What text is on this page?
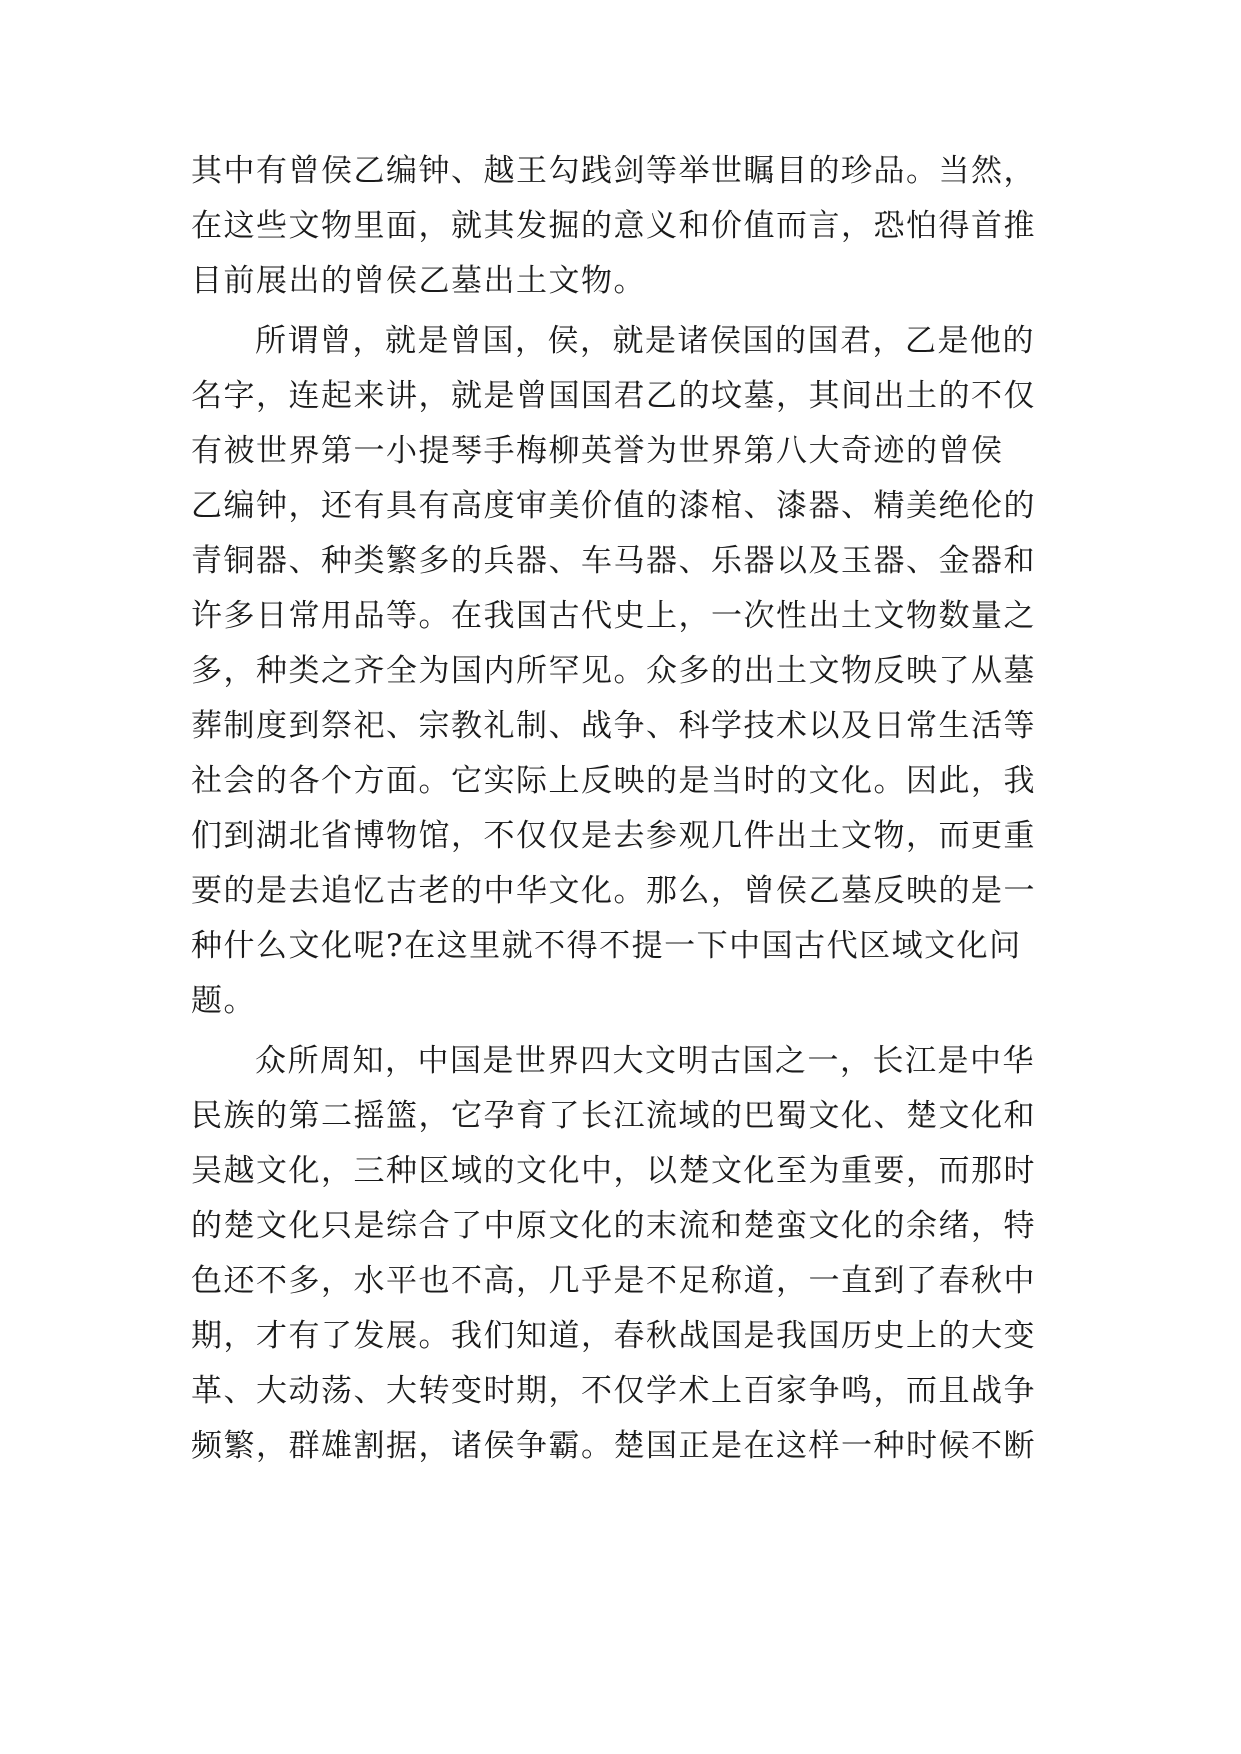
其中有曾侯乙编钟、越王勾践剑等举世瞩目的珍品。当然，
在这些文物里面，就其发掘的意义和价值而言，恐怕得首推
目前展出的曾侯乙墓出土文物。
所谓曾，就是曾国，侯，就是诸侯国的国君，乙是他的
名字，连起来讲，就是曾国国君乙的坟墓，其间出土的不仅
有被世界第一小提琴手梅柳英誉为世界第八大奇迹的曾侯
乙编钟，还有具有高度审美价值的漆棺、漆器、精美绝伦的
青铜器、种类繁多的兵器、车马器、乐器以及玉器、金器和
许多日常用品等。在我国古代史上，一次性出土文物数量之
多，种类之齐全为国内所罕见。众多的出土文物反映了从墓
葬制度到祭祀、宗教礼制、战争、科学技术以及日常生活等
社会的各个方面。它实际上反映的是当时的文化。因此，我
们到湖北省博物馆，不仅仅是去参观几件出土文物，而更重
要的是去追忆古老的中华文化。那么，曾侯乙墓反映的是一
种什么文化呢?在这里就不得不提一下中国古代区域文化问
题。
众所周知，中国是世界四大文明古国之一，长江是中华
民族的第二摇篮，它孕育了长江流域的巴蜀文化、楚文化和
吴越文化，三种区域的文化中，以楚文化至为重要，而那时
的楚文化只是综合了中原文化的末流和楚蛮文化的余绪，特
色还不多，水平也不高，几乎是不足称道，一直到了春秋中
期，才有了发展。我们知道，春秋战国是我国历史上的大变
革、大动荡、大转变时期，不仅学术上百家争鸣，而且战争
频繁，群雄割据，诸侯争霸。楚国正是在这样一种时候不断
